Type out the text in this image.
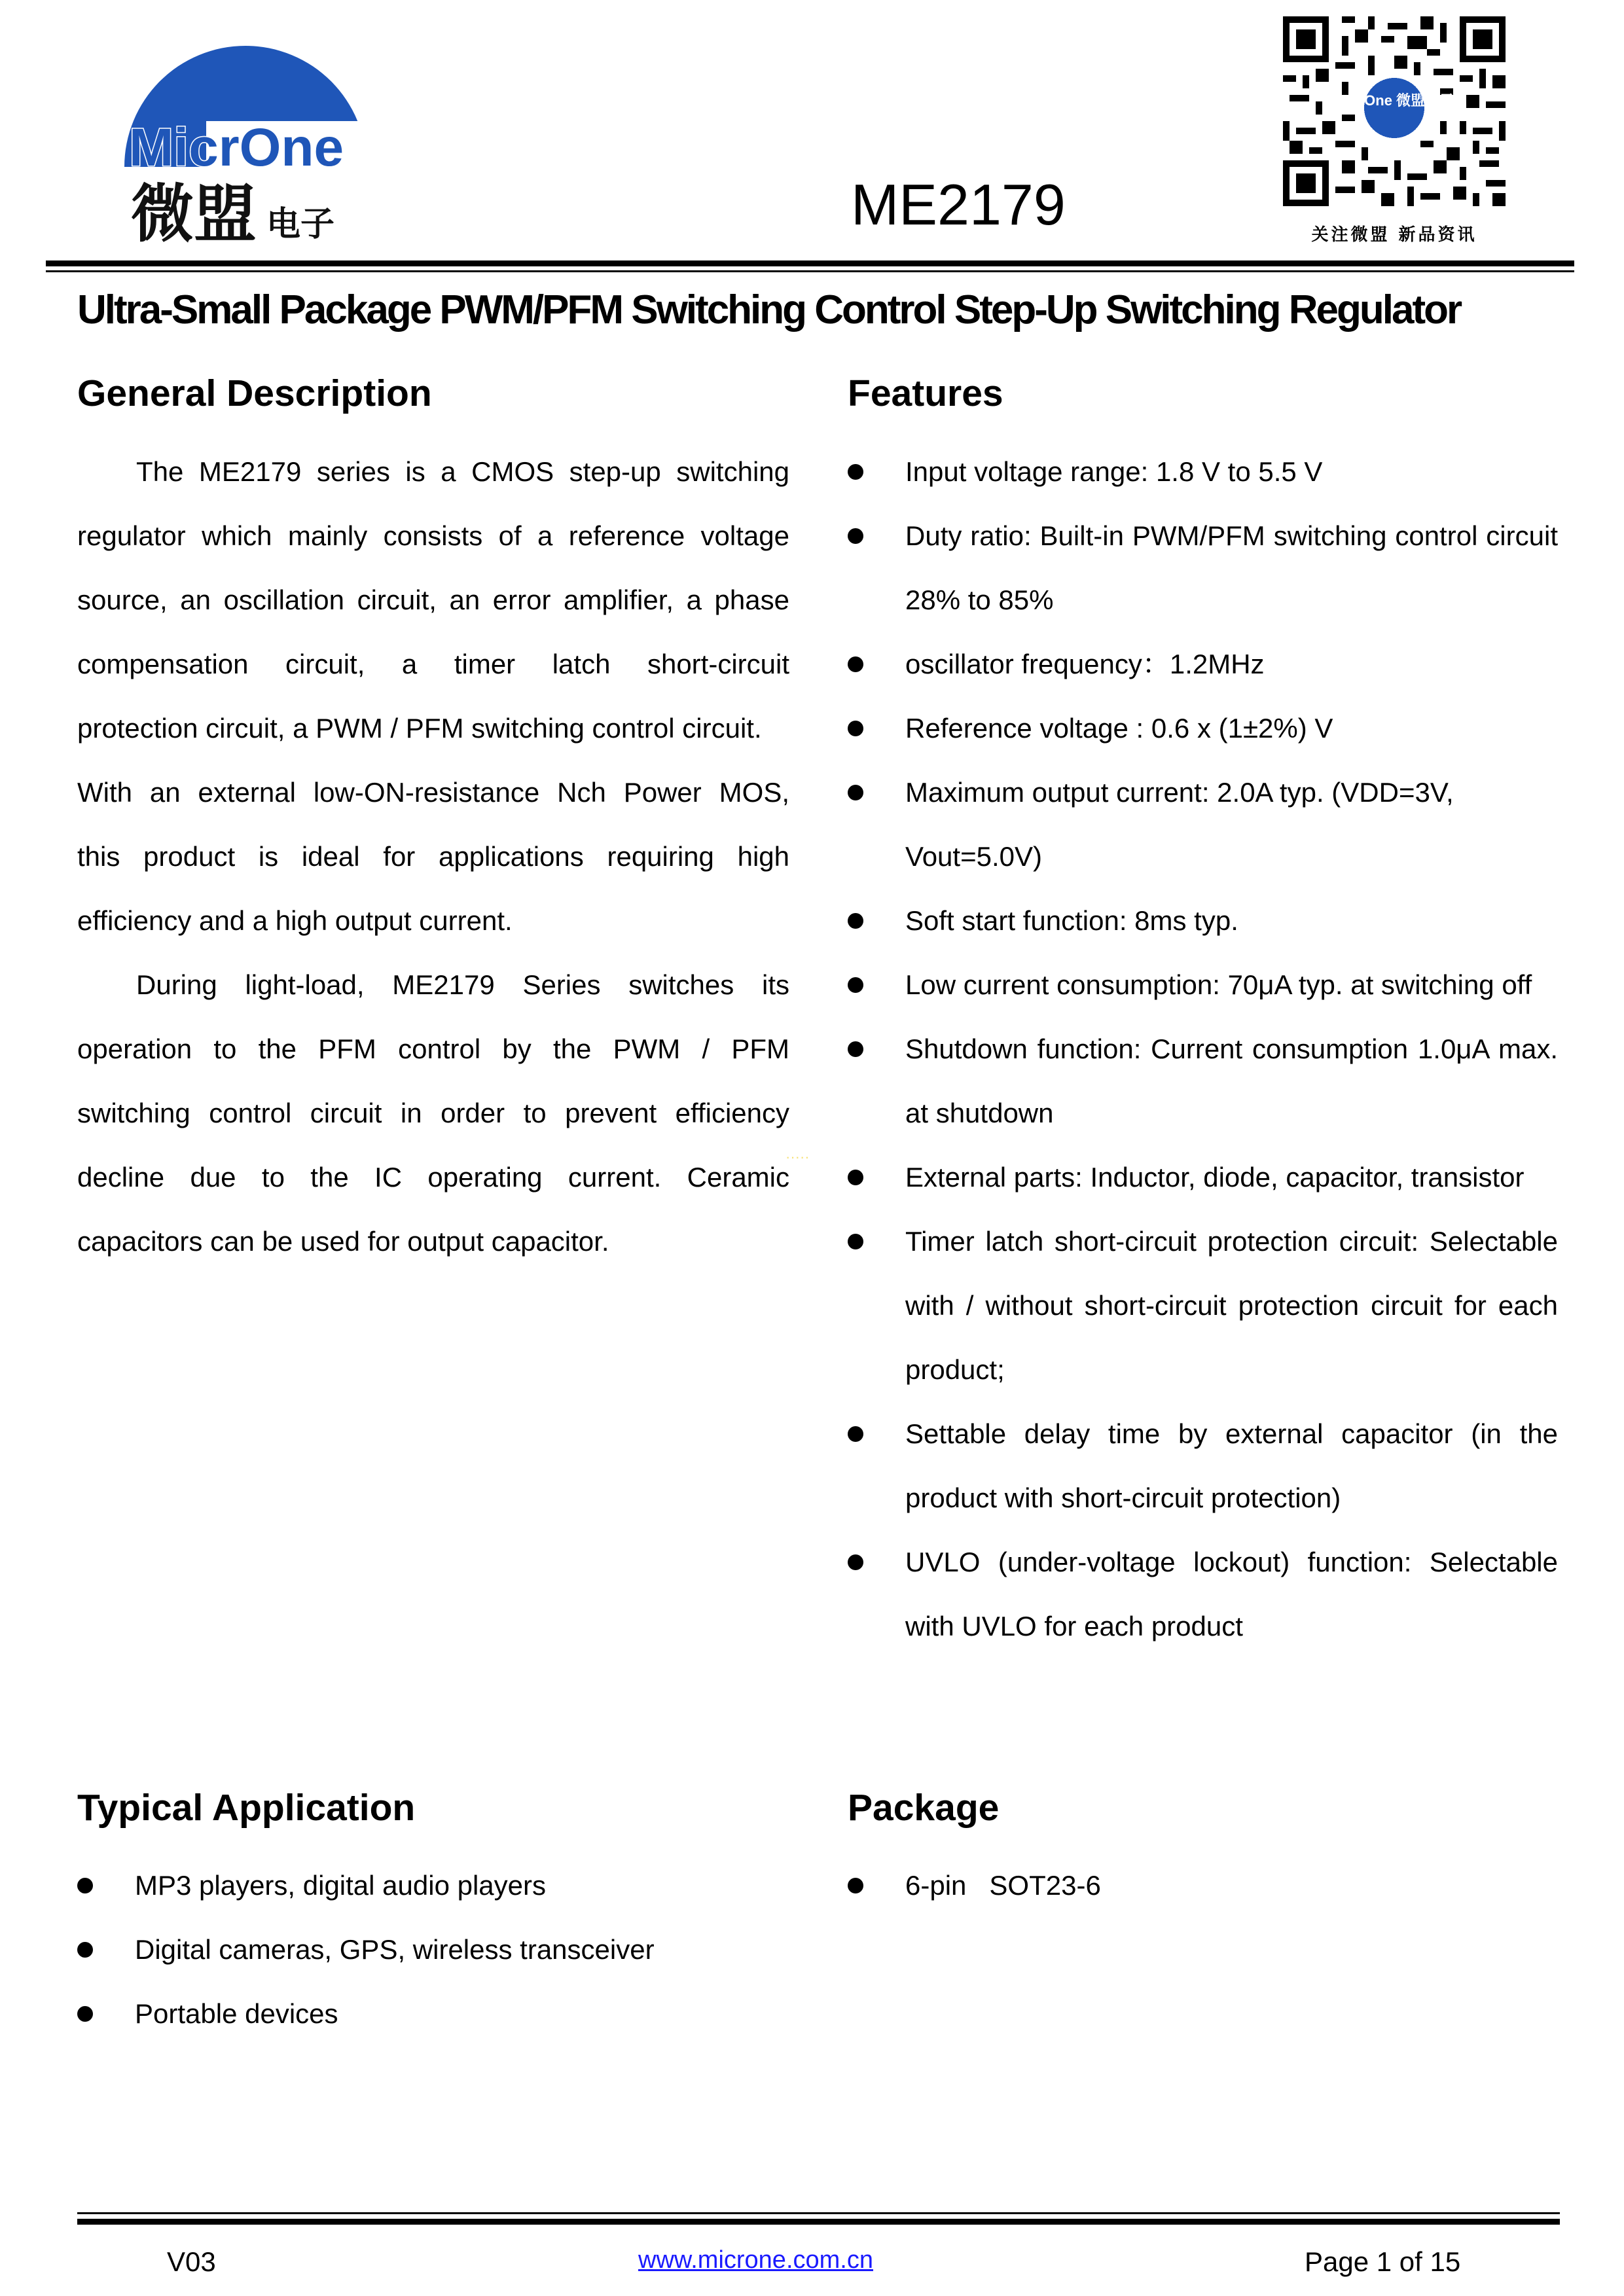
MicrOne
微盟 电子
MicrOne 微盟电子
关注微盟 新品资讯
ME2179
Ultra-Small Package PWM/PFM Switching Control Step-Up Switching Regulator
General Description
The ME2179 series is a CMOS step-up switching
regulator which mainly consists of a reference voltage
source, an oscillation circuit, an error amplifier, a phase
compensation circuit, a timer latch short-circuit
protection circuit, a PWM / PFM switching control circuit.
With an external low-ON-resistance Nch Power MOS,
this product is ideal for applications requiring high
efficiency and a high output current.
During light-load, ME2179 Series switches its
operation to the PFM control by the PWM / PFM
switching control circuit in order to prevent efficiency
decline due to the IC operating current. Ceramic
capacitors can be used for output capacitor.
·····
Features
Input voltage range: 1.8 V to 5.5 V
Duty ratio: Built-in PWM/PFM switching control circuit 28% to 85%
oscillator frequency：1.2MHz
Reference voltage : 0.6 x (1±2%) V
Maximum output current: 2.0A typ. (VDD=3V, Vout=5.0V)
Soft start function: 8ms typ.
Low current consumption: 70μA typ. at switching off
Shutdown function: Current consumption 1.0μA max. at shutdown
External parts: Inductor, diode, capacitor, transistor
Timer latch short-circuit protection circuit: Selectable with / without short-circuit protection circuit for each product;
Settable delay time by external capacitor (in the product with short-circuit protection)
UVLO (under-voltage lockout) function: Selectable with UVLO for each product
Typical Application
MP3 players, digital audio players
Digital cameras, GPS, wireless transceiver
Portable devices
Package
6-pin   SOT23-6
V03	www.microne.com.cn	Page 1 of 15
